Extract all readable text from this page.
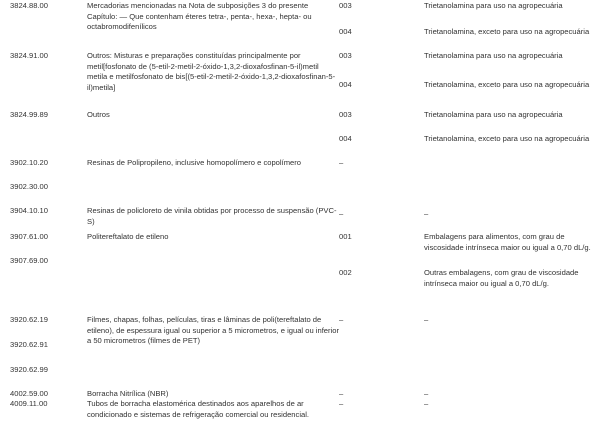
3824.88.00
3824.91.00
3824.99.89
3902.10.20
3902.30.00
3904.10.10
3907.61.00
3907.69.00
3920.62.19
3920.62.91
3920.62.99
4002.59.00
4009.11.00
Mercadorias mencionadas na Nota de subposições 3 do presente Capítulo: — Que contenham éteres tetra-, penta-, hexa-, hepta- ou octabromodifenílicos
Outros: Misturas e preparações constituídas principalmente por metil[fosfonato de (5-etil-2-metil-2-óxido-1,3,2-dioxafosfinan-5-il)metil metila e metilfosfonato de bis[(5-etil-2-metil-2-óxido-1,3,2-dioxafosfinan-5-il)metila]
Outros
Resinas de Polipropileno, inclusive homopolímero e copolímero
Resinas de policloreto de vinila obtidas por processo de suspensão (PVC-S)
Politereftalato de etileno
Filmes, chapas, folhas, películas, tiras e lâminas de poli(tereftalato de etileno), de espessura igual ou superior a 5 micrometros, e igual ou inferior a 50 micrometros (filmes de PET)
Borracha Nitrílica (NBR)
Tubos de borracha elastomérica destinados aos aparelhos de ar condicionado e sistemas de refrigeração comercial ou residencial.
003
004
003
004
003
004
–
–
001
002
–
–
–
Trietanolamina para uso na agropecuária
Trietanolamina, exceto para uso na agropecuária
Trietanolamina para uso na agropecuária
Trietanolamina, exceto para uso na agropecuária
Trietanolamina para uso na agropecuária
Trietanolamina, exceto para uso na agropecuária
–
Embalagens para alimentos, com grau de viscosidade intrínseca maior ou igual a 0,70 dL/g.
Outras embalagens, com grau de viscosidade intrínseca maior ou igual a 0,70 dL/g.
–
–
–
